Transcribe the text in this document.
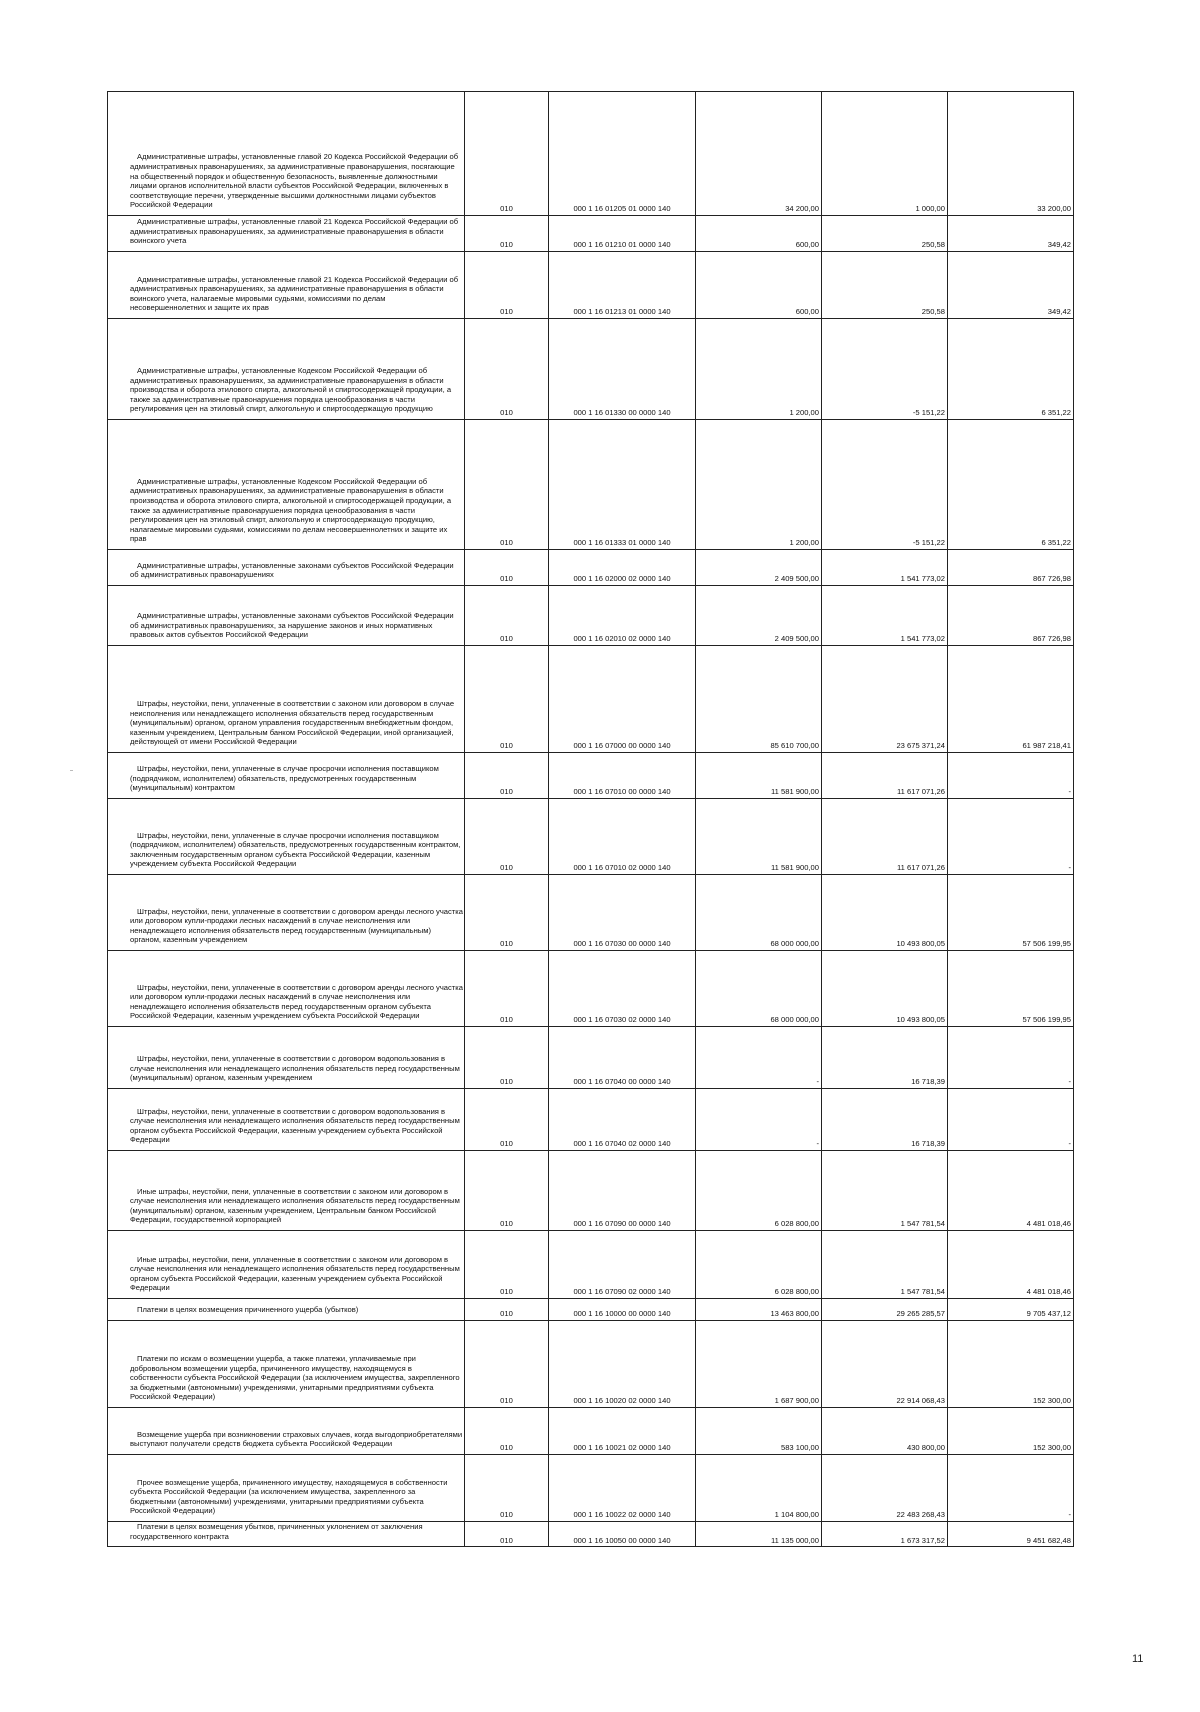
Административные штрафы, установленные главой 20 Кодекса Российской Федерации об административных правонарушениях, за административные правонарушения, посягающие на общественный порядок и общественную безопасность, выявленные должностными лицами органов исполнительной власти субъектов Российской Федерации, включенных в соответствующие перечни, утвержденные высшими должностными лицами субъектов Российской Федерации	010	000 1 16 01205 01 0000 140	34 200,00	1 000,00	33 200,00
Административные штрафы, установленные главой 21 Кодекса Российской Федерации об административных правонарушениях, за административные правонарушения в области воинского учета	010	000 1 16 01210 01 0000 140	600,00	250,58	349,42
Административные штрафы, установленные главой 21 Кодекса Российской Федерации об административных правонарушениях, за административные правонарушения в области воинского учета, налагаемые мировыми судьями, комиссиями по делам несовершеннолетних и защите их прав	010	000 1 16 01213 01 0000 140	600,00	250,58	349,42
Административные штрафы, установленные Кодексом Российской Федерации об административных правонарушениях, за административные правонарушения в области производства и оборота этилового спирта, алкогольной и спиртосодержащей продукции, а также за административные правонарушения порядка ценообразования в части регулирования цен на этиловый спирт, алкогольную и спиртосодержащую продукцию	010	000 1 16 01330 00 0000 140	1 200,00	-5 151,22	6 351,22
Административные штрафы, установленные Кодексом Российской Федерации об административных правонарушениях, за административные правонарушения в области производства и оборота этилового спирта, алкогольной и спиртосодержащей продукции, а также за административные правонарушения порядка ценообразования в части регулирования цен на этиловый спирт, алкогольную и спиртосодержащую продукцию, налагаемые мировыми судьями, комиссиями по делам несовершеннолетних и защите их прав	010	000 1 16 01333 01 0000 140	1 200,00	-5 151,22	6 351,22
Административные штрафы, установленные законами субъектов Российской Федерации об административных правонарушениях	010	000 1 16 02000 02 0000 140	2 409 500,00	1 541 773,02	867 726,98
Административные штрафы, установленные законами субъектов Российской Федерации об административных правонарушениях, за нарушение законов и иных нормативных правовых актов субъектов Российской Федерации	010	000 1 16 02010 02 0000 140	2 409 500,00	1 541 773,02	867 726,98
Штрафы, неустойки, пени, уплаченные в соответствии с законом или договором в случае неисполнения или ненадлежащего исполнения обязательств перед государственным (муниципальным) органом, органом управления государственным внебюджетным фондом, казенным учреждением, Центральным банком Российской Федерации, иной организацией, действующей от имени Российской Федерации	010	000 1 16 07000 00 0000 140	85 610 700,00	23 675 371,24	61 987 218,41
Штрафы, неустойки, пени, уплаченные в случае просрочки исполнения поставщиком (подрядчиком, исполнителем) обязательств, предусмотренных государственным (муниципальным) контрактом	010	000 1 16 07010 00 0000 140	11 581 900,00	11 617 071,26	-
Штрафы, неустойки, пени, уплаченные в случае просрочки исполнения поставщиком (подрядчиком, исполнителем) обязательств, предусмотренных государственным контрактом, заключенным государственным органом субъекта Российской Федерации, казенным учреждением субъекта Российской Федерации	010	000 1 16 07010 02 0000 140	11 581 900,00	11 617 071,26	-
Штрафы, неустойки, пени, уплаченные в соответствии с договором аренды лесного участка или договором купли-продажи лесных насаждений в случае неисполнения или ненадлежащего исполнения обязательств перед государственным (муниципальным) органом, казенным учреждением	010	000 1 16 07030 00 0000 140	68 000 000,00	10 493 800,05	57 506 199,95
Штрафы, неустойки, пени, уплаченные в соответствии с договором аренды лесного участка или договором купли-продажи лесных насаждений в случае неисполнения или ненадлежащего исполнения обязательств перед государственным органом субъекта Российской Федерации, казенным учреждением субъекта Российской Федерации	010	000 1 16 07030 02 0000 140	68 000 000,00	10 493 800,05	57 506 199,95
Штрафы, неустойки, пени, уплаченные в соответствии с договором водопользования в случае неисполнения или ненадлежащего исполнения обязательств перед государственным (муниципальным) органом, казенным учреждением	010	000 1 16 07040 00 0000 140	-	16 718,39	-
Штрафы, неустойки, пени, уплаченные в соответствии с договором водопользования в случае неисполнения или ненадлежащего исполнения обязательств перед государственным органом субъекта Российской Федерации, казенным учреждением субъекта Российской Федерации	010	000 1 16 07040 02 0000 140	-	16 718,39	-
Иные штрафы, неустойки, пени, уплаченные в соответствии с законом или договором в случае неисполнения или ненадлежащего исполнения обязательств перед государственным (муниципальным) органом, казенным учреждением, Центральным банком Российской Федерации, государственной корпорацией	010	000 1 16 07090 00 0000 140	6 028 800,00	1 547 781,54	4 481 018,46
Иные штрафы, неустойки, пени, уплаченные в соответствии с законом или договором в случае неисполнения или ненадлежащего исполнения обязательств перед государственным органом субъекта Российской Федерации, казенным учреждением субъекта Российской Федерации	010	000 1 16 07090 02 0000 140	6 028 800,00	1 547 781,54	4 481 018,46
Платежи в целях возмещения причиненного ущерба (убытков)	010	000 1 16 10000 00 0000 140	13 463 800,00	29 265 285,57	9 705 437,12
Платежи по искам о возмещении ущерба, а также платежи, уплачиваемые при добровольном возмещении ущерба, причиненного имуществу, находящемуся в собственности субъекта Российской Федерации (за исключением имущества, закрепленного за бюджетными (автономными) учреждениями, унитарными предприятиями субъекта Российской Федерации)	010	000 1 16 10020 02 0000 140	1 687 900,00	22 914 068,43	152 300,00
Возмещение ущерба при возникновении страховых случаев, когда выгодоприобретателями выступают получатели средств бюджета субъекта Российской Федерации	010	000 1 16 10021 02 0000 140	583 100,00	430 800,00	152 300,00
Прочее возмещение ущерба, причиненного имуществу, находящемуся в собственности субъекта Российской Федерации (за исключением имущества, закрепленного за бюджетными (автономными) учреждениями, унитарными предприятиями субъекта Российской Федерации)	010	000 1 16 10022 02 0000 140	1 104 800,00	22 483 268,43	-
Платежи в целях возмещения убытков, причиненных уклонением от заключения государственного контракта	010	000 1 16 10050 00 0000 140	11 135 000,00	1 673 317,52	9 451 682,48
11
